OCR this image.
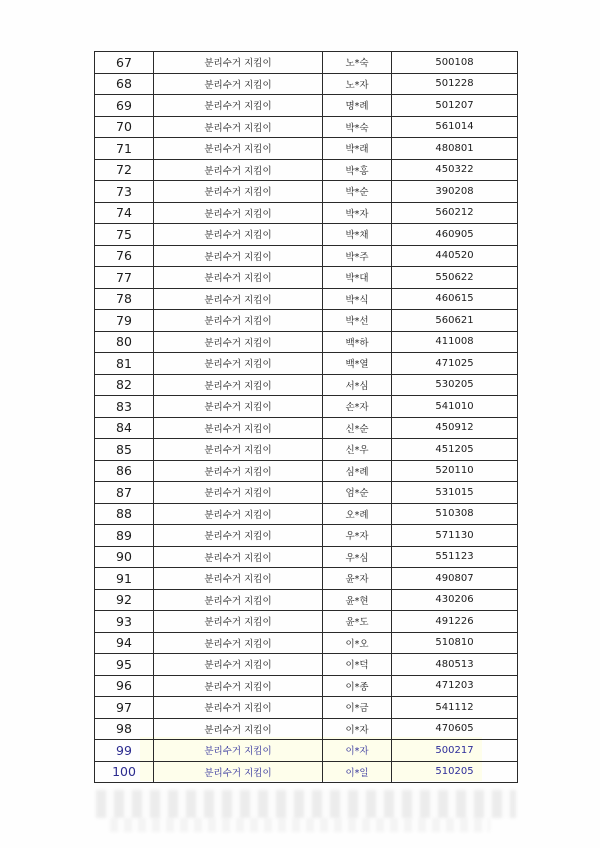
67	분리수거 지킴이	노*숙	500108
68	분리수거 지킴이	노*자	501228
69	분리수거 지킴이	명*례	501207
70	분리수거 지킴이	박*숙	561014
71	분리수거 지킴이	박*래	480801
72	분리수거 지킴이	박*홍	450322
73	분리수거 지킴이	박*순	390208
74	분리수거 지킴이	박*자	560212
75	분리수거 지킴이	박*채	460905
76	분리수거 지킴이	박*주	440520
77	분리수거 지킴이	박*대	550622
78	분리수거 지킴이	박*식	460615
79	분리수거 지킴이	박*선	560621
80	분리수거 지킴이	백*하	411008
81	분리수거 지킴이	백*열	471025
82	분리수거 지킴이	서*심	530205
83	분리수거 지킴이	손*자	541010
84	분리수거 지킴이	신*순	450912
85	분리수거 지킴이	신*우	451205
86	분리수거 지킴이	심*례	520110
87	분리수거 지킴이	엄*순	531015
88	분리수거 지킴이	오*례	510308
89	분리수거 지킴이	우*자	571130
90	분리수거 지킴이	우*심	551123
91	분리수거 지킴이	윤*자	490807
92	분리수거 지킴이	윤*현	430206
93	분리수거 지킴이	윤*도	491226
94	분리수거 지킴이	이*오	510810
95	분리수거 지킴이	이*덕	480513
96	분리수거 지킴이	이*종	471203
97	분리수거 지킴이	이*금	541112
98	분리수거 지킴이	이*자	470605
99	분리수거 지킴이	이*자	500217
100	분리수거 지킴이	이*일	510205
